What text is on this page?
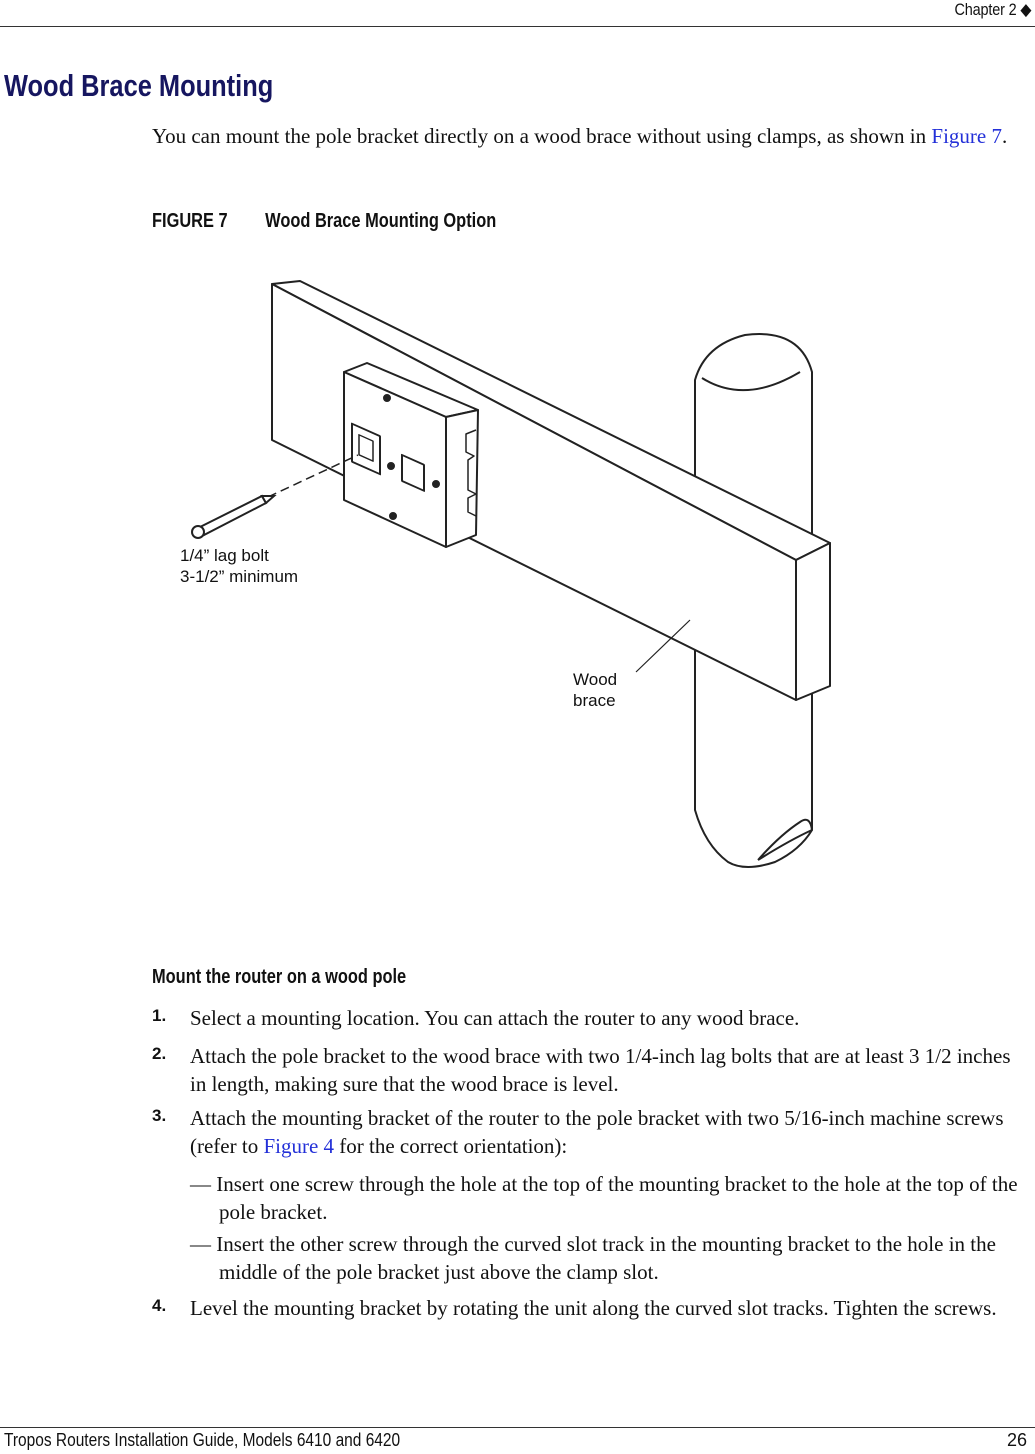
Chapter 2 ◆
Wood Brace Mounting
You can mount the pole bracket directly on a wood brace without using clamps, as shown in Figure 7.
FIGURE 7 Wood Brace Mounting Option
1/4” lag bolt
3-1/2” minimum
Wood
brace
Mount the router on a wood pole
1. Select a mounting location. You can attach the router to any wood brace.
2. Attach the pole bracket to the wood brace with two 1/4-inch lag bolts that are at least 3 1/2 inches in length, making sure that the wood brace is level.
3. Attach the mounting bracket of the router to the pole bracket with two 5/16-inch machine screws (refer to Figure 4 for the correct orientation):
— Insert one screw through the hole at the top of the mounting bracket to the hole at the top of the pole bracket.
— Insert the other screw through the curved slot track in the mounting bracket to the hole in the middle of the pole bracket just above the clamp slot.
4. Level the mounting bracket by rotating the unit along the curved slot tracks. Tighten the screws.
Tropos Routers Installation Guide, Models 6410 and 6420	26
